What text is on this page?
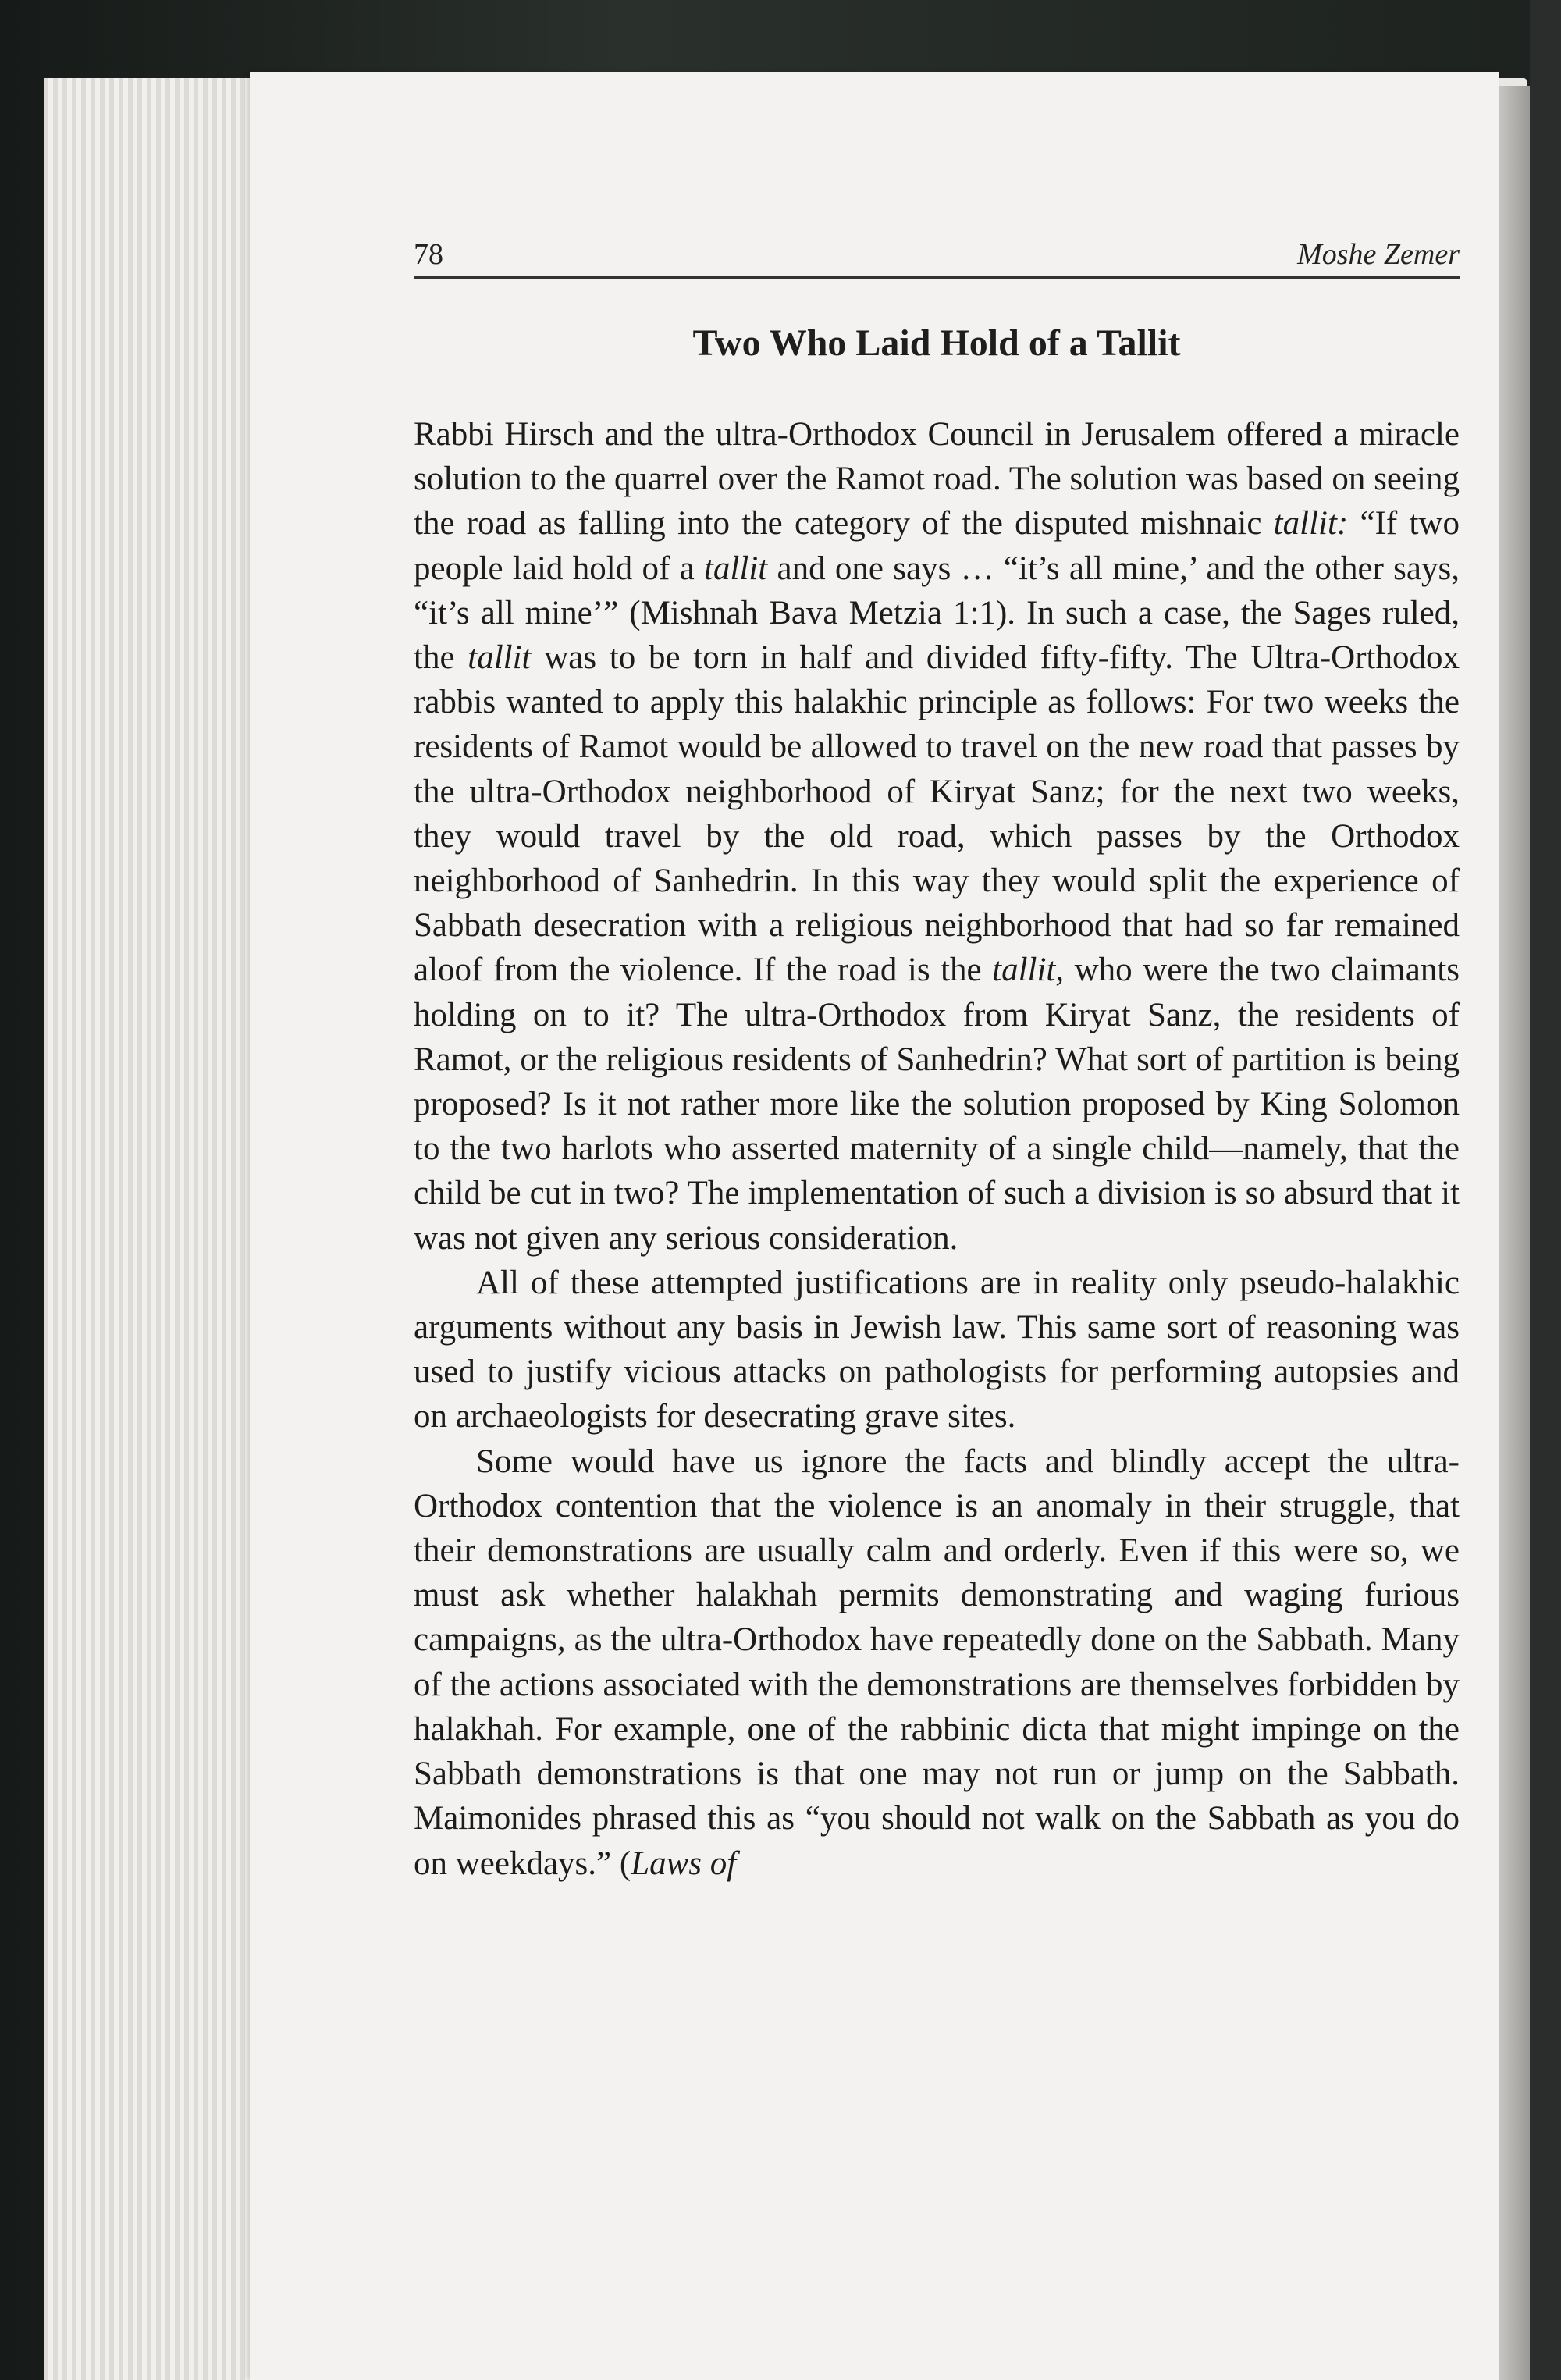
78	Moshe Zemer
Two Who Laid Hold of a Tallit

Rabbi Hirsch and the ultra-Orthodox Council in Jerusalem offered a miracle solution to the quarrel over the Ramot road. The solution was based on seeing the road as falling into the category of the disputed mishnaic tallit: “If two people laid hold of a tallit and one says … “it’s all mine,’ and the other says, “it’s all mine’” (Mishnah Bava Metzia 1:1). In such a case, the Sages ruled, the tallit was to be torn in half and divided fifty-fifty. The Ultra-Orthodox rabbis wanted to apply this halakhic principle as follows: For two weeks the residents of Ramot would be allowed to travel on the new road that passes by the ultra-Orthodox neighborhood of Kiryat Sanz; for the next two weeks, they would travel by the old road, which passes by the Orthodox neighborhood of Sanhedrin. In this way they would split the experience of Sabbath desecration with a religious neighborhood that had so far remained aloof from the violence. If the road is the tallit, who were the two claimants holding on to it? The ultra-Orthodox from Kiryat Sanz, the residents of Ramot, or the religious residents of Sanhedrin? What sort of partition is being proposed? Is it not rather more like the solution proposed by King Solomon to the two harlots who asserted maternity of a single child—namely, that the child be cut in two? The implementation of such a division is so absurd that it was not given any serious consideration.

All of these attempted justifications are in reality only pseudo-halakhic arguments without any basis in Jewish law. This same sort of reasoning was used to justify vicious attacks on pathologists for performing autopsies and on archaeologists for desecrating grave sites.

Some would have us ignore the facts and blindly accept the ultra-Orthodox contention that the violence is an anomaly in their struggle, that their demonstrations are usually calm and orderly. Even if this were so, we must ask whether halakhah permits demonstrating and waging furious campaigns, as the ultra-Orthodox have repeatedly done on the Sabbath. Many of the actions associated with the demonstrations are themselves forbidden by halakhah. For example, one of the rabbinic dicta that might impinge on the Sabbath demonstrations is that one may not run or jump on the Sabbath. Maimonides phrased this as “you should not walk on the Sabbath as you do on weekdays.” (Laws of
